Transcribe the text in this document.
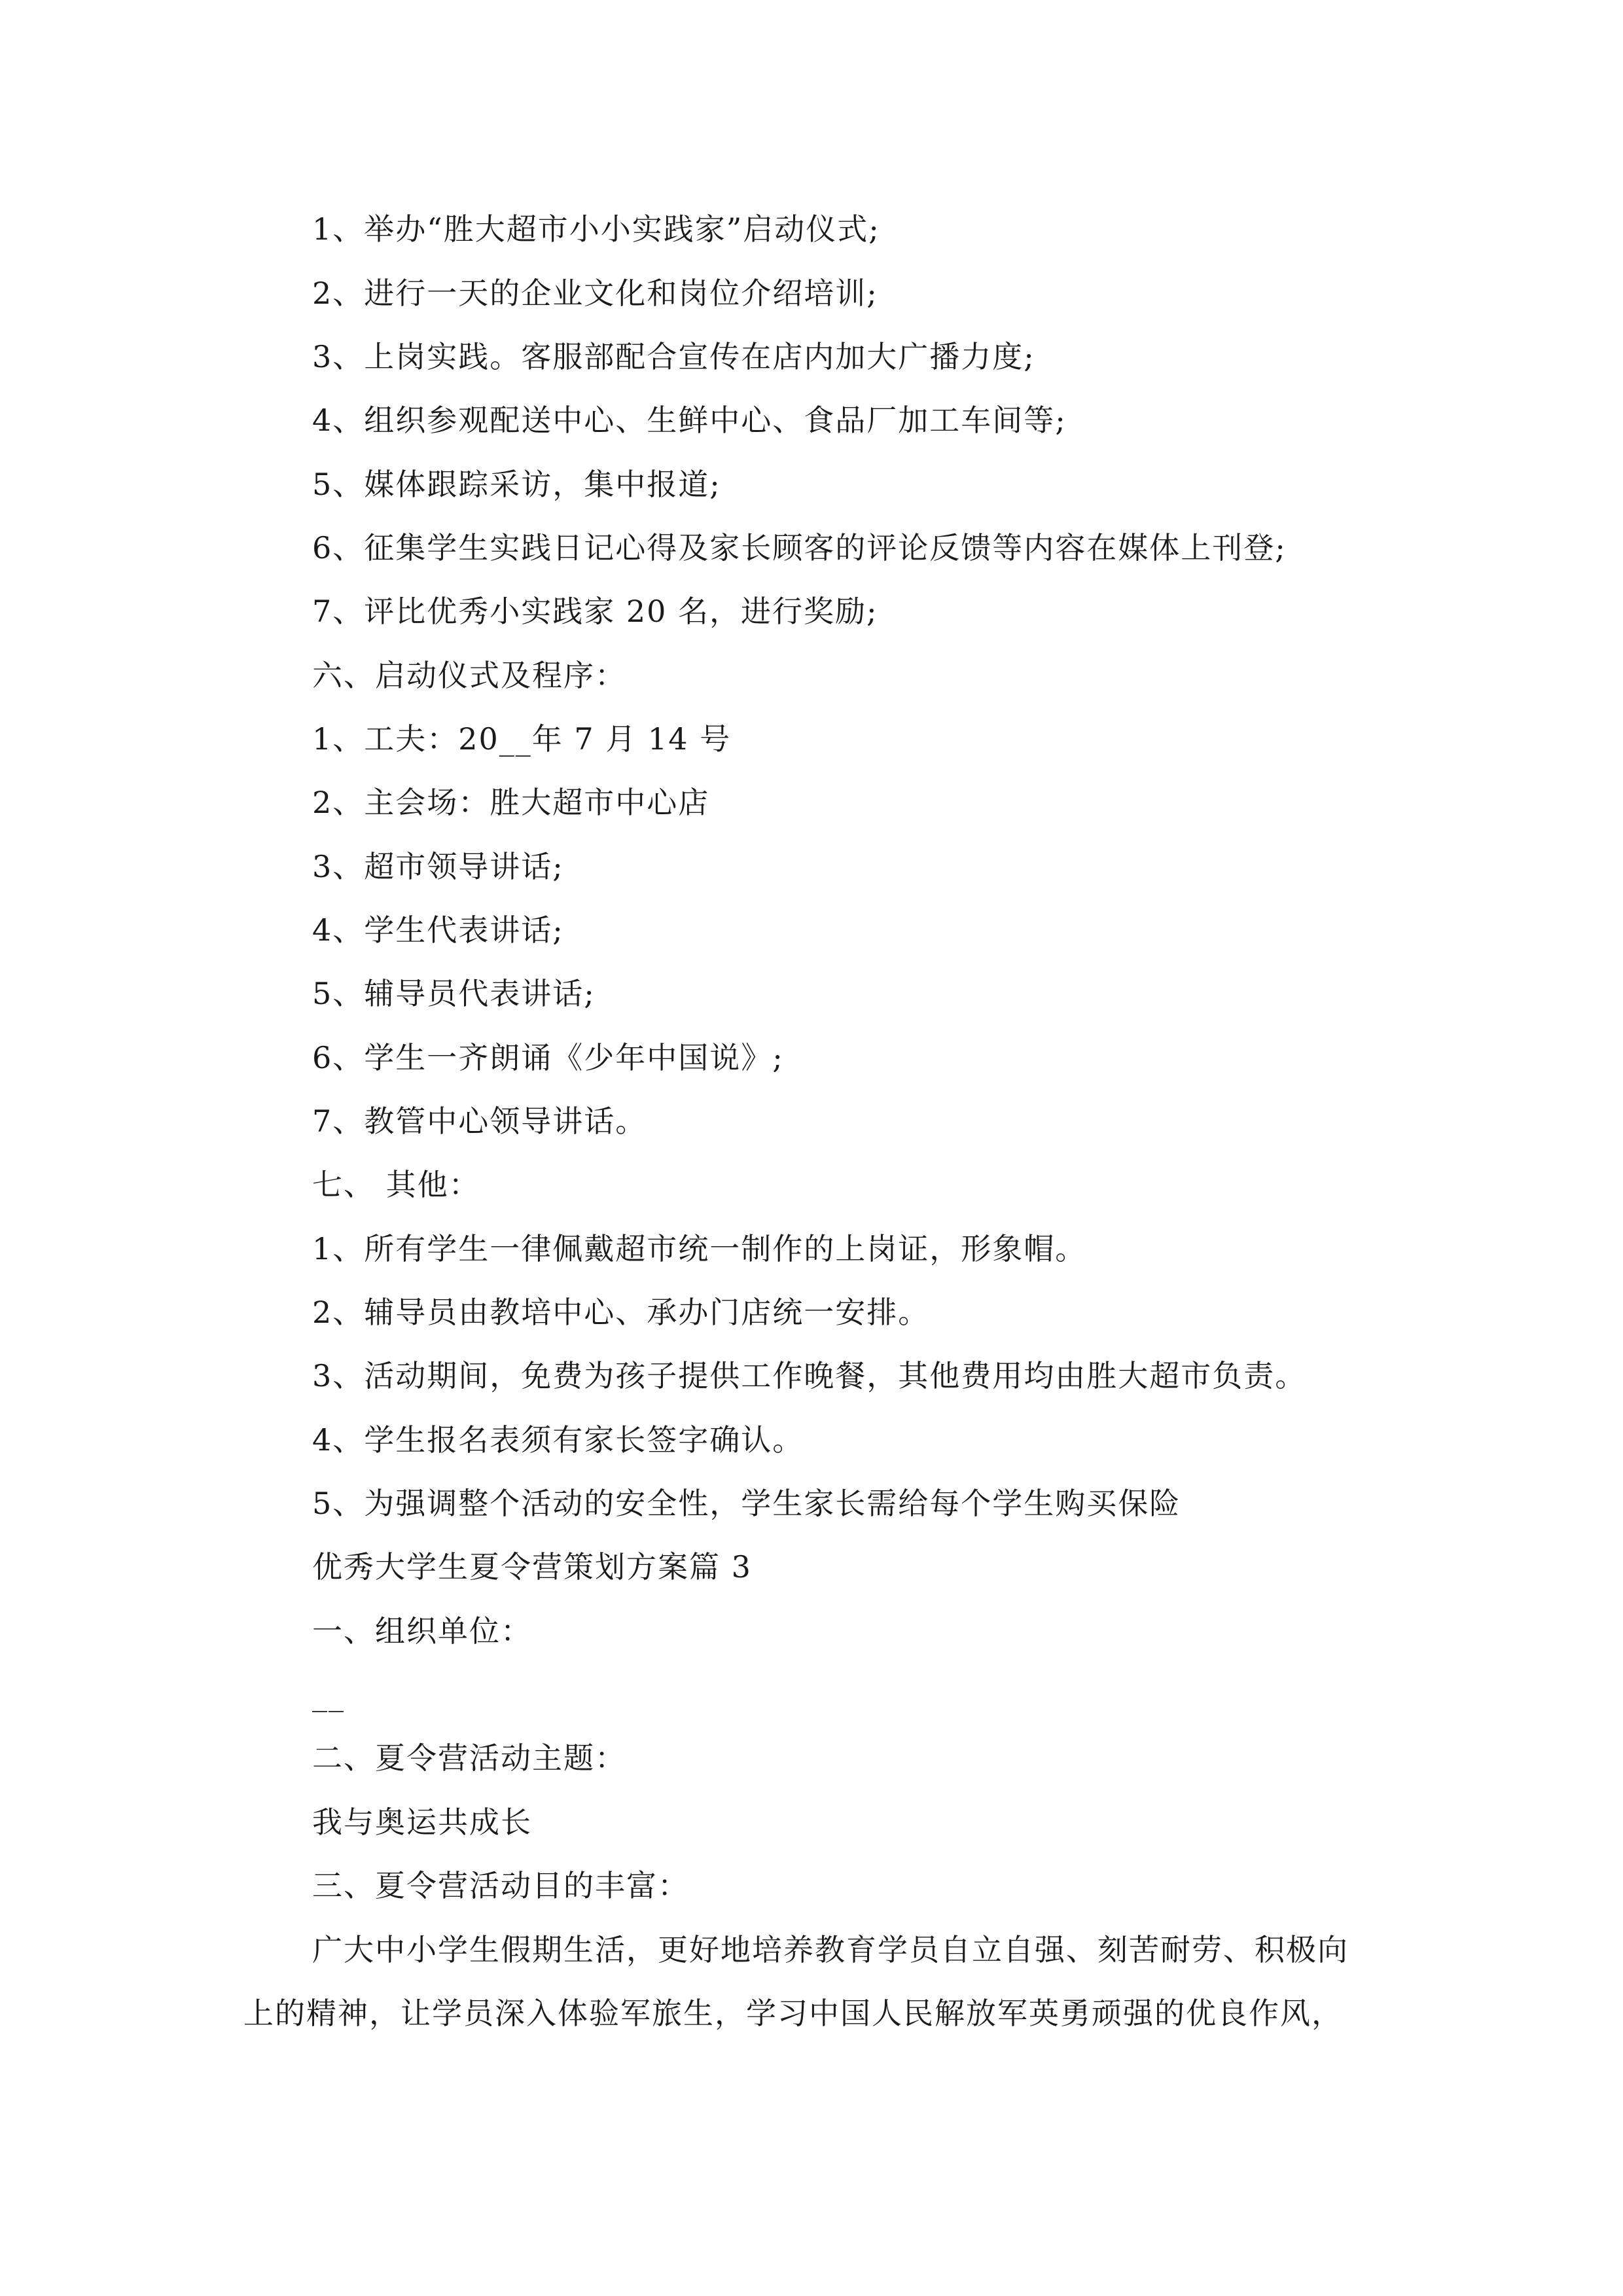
1、举办“胜大超市小小实践家”启动仪式;
2、进行一天的企业文化和岗位介绍培训;
3、上岗实践。客服部配合宣传在店内加大广播力度;
4、组织参观配送中心、生鲜中心、食品厂加工车间等;
5、媒体跟踪采访，集中报道;
6、征集学生实践日记心得及家长顾客的评论反馈等内容在媒体上刊登;
7、评比优秀小实践家 20 名，进行奖励;
六、启动仪式及程序：
1、工夫：20__年 7 月 14 号
2、主会场：胜大超市中心店
3、超市领导讲话;
4、学生代表讲话;
5、辅导员代表讲话;
6、学生一齐朗诵《少年中国说》;
7、教管中心领导讲话。
七、 其他：
1、所有学生一律佩戴超市统一制作的上岗证，形象帽。
2、辅导员由教培中心、承办门店统一安排。
3、活动期间，免费为孩子提供工作晚餐，其他费用均由胜大超市负责。
4、学生报名表须有家长签字确认。
5、为强调整个活动的安全性，学生家长需给每个学生购买保险
优秀大学生夏令营策划方案篇 3
一、组织单位：
__
二、夏令营活动主题：
我与奥运共成长
三、夏令营活动目的丰富：
广大中小学生假期生活，更好地培养教育学员自立自强、刻苦耐劳、积极向
上的精神，让学员深入体验军旅生，学习中国人民解放军英勇顽强的优良作风，
